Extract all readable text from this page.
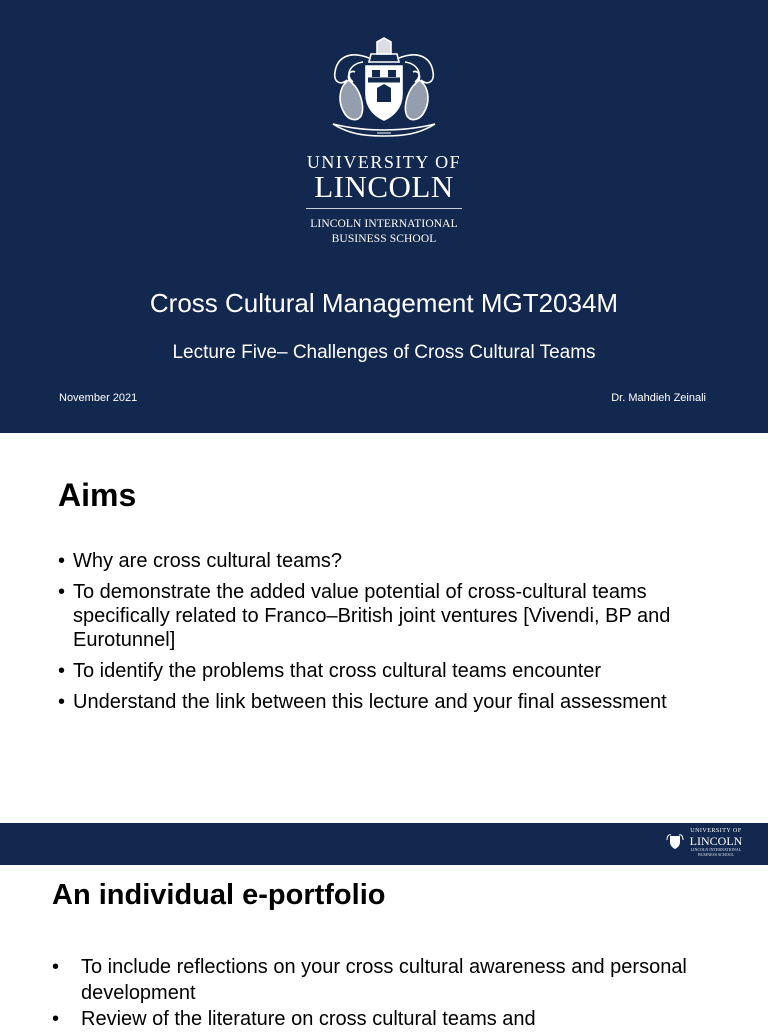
UNIVERSITY OF
LINCOLN
LINCOLN INTERNATIONAL
BUSINESS SCHOOL
Cross Cultural Management MGT2034M
Lecture Five– Challenges of Cross Cultural Teams
November 2021	Dr. Mahdieh Zeinali
Aims
• Why are cross cultural teams?
• To demonstrate the added value potential of cross-cultural teams specifically related to Franco–British joint ventures [Vivendi, BP and Eurotunnel]
• To identify the problems that cross cultural teams encounter
• Understand the link between this lecture and your final assessment
UNIVERSITY OF
LINCOLN
LINCOLN INTERNATIONAL BUSINESS SCHOOL
An individual e-portfolio
• To include reflections on your cross cultural awareness and personal development
• Review of the literature on cross cultural teams and
